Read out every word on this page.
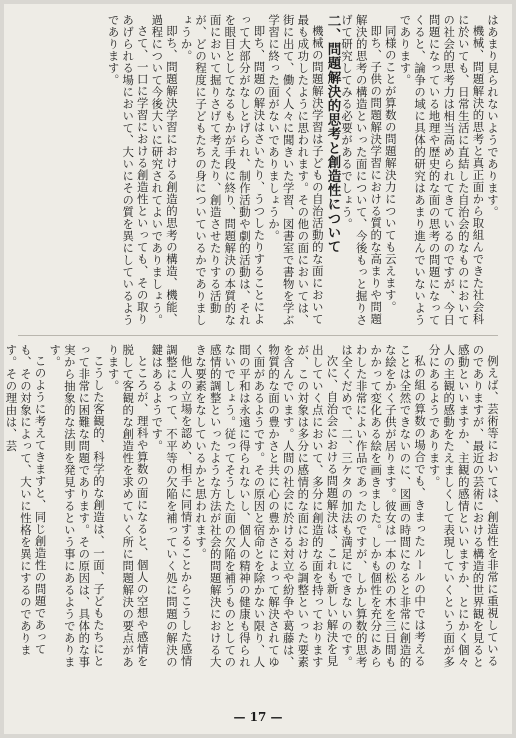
はあまり見られないようであります。

機械、問題解決的思考と真正面から取組んできた社会科に於いても、日常生活に直結した自治会的なものにおいての社会的思考力は相当高められてきているのですが、今日問題になっている地理や歴史的な面の思考の問題になってくると、論争の域に具体的研究はあまり進んでいないようであります。

同様のことが算数の問題解決力についても云えます。

即ち、子供の問題解決学習における質的な高まりや問題解決的思考の構造といった面について、今後もっと掘りさげて研究してみる必要があるでしょう。

二、問題解決的思考と創造性について

機械の問題解決学習は子どもの自治活動的な面において最も成功したように思われます。その他の面においては、街に出て、働く人々に聞きいた学習、図書室で書物を学ぶ学習に終った面がないでありましょうか。

即ち、問題の解決はさいたり、うつしたりすることによって大部分がなしとげられ、制作活動や劇的活動は、それを眼目としてなるもかが手段に終り、問題解決の本質的な面において掘りさげて考えたり、創造させたりする活動が、どの程度に子どもたちの身についているかでありましょうか。

即ち、問題解決学習における創造的思考の構造、機能、過程について今後大いに研究されてよいでありましょう。

さて、一口に学習における創造性といっても、その取りあげられる場において、大いにその質を異にしているようであります。

例えば、芸術等においては、創造性を非常に重視しているのでありますが、最近の芸術における構造的世界観を見ると感動といいますか、主観的感情といいますか、とにかく個々人の主観的感動をたえましくして表現していくという面が多分にあるようであります。

私の組の算数の場合でも、きまったルールの中では考えることは全然できないのに、図画の時間になると非常に創造的な絵をかく子供が居ります。彼女は一本の松の木を三日間もかかって変化ある絵を画きました。しかも個性を充分にあらわした非常によい作品であったのですが、しかし算数的思考は全くだめで、二、三ケタの加法も満足にできないのです。

次に、自治会における問題解決は、これも新しい解決を見出していく点において、多分に創造的な面を持っておりますが、この対象は多分に感情的な面における調整といった要素を含んでいます。人間の社会に於ける対立や紛争や葛藤は、物質的な面の豊かさと共に心の豊かさによって解決されてゆく面があるようです。その原因と宿命とを除かない限り、人間の平和は永遠に得られないし、個人の精神の健康も得られないでしょう。従ってそうした面の欠陥を補うものとしての感情的調整といったような方法が社会的問題解決における大きな要素をなしているかと思われます。

他人の立場を認め、相手に同情することからこうした感情調整によって、不平等の欠陥を補っていく処に問題の解決の鍵はあるようです。

ところが、理科や算数の面になると、個人の空想や感情を脱して客観的な創造性を求めていく所に問題解決の要点があります。

こうした客観的、科学的な創造は、一面、子どもたちにとって非常に困難な問題であります。その原因は、具体的な事実から抽象的な法則を発見するという事にあるようであります。

このように考えてきますと、同じ創造性の問題であっても、その対象によって、大いに性格を異にするのであります。その理由は、芸

— 17 —
